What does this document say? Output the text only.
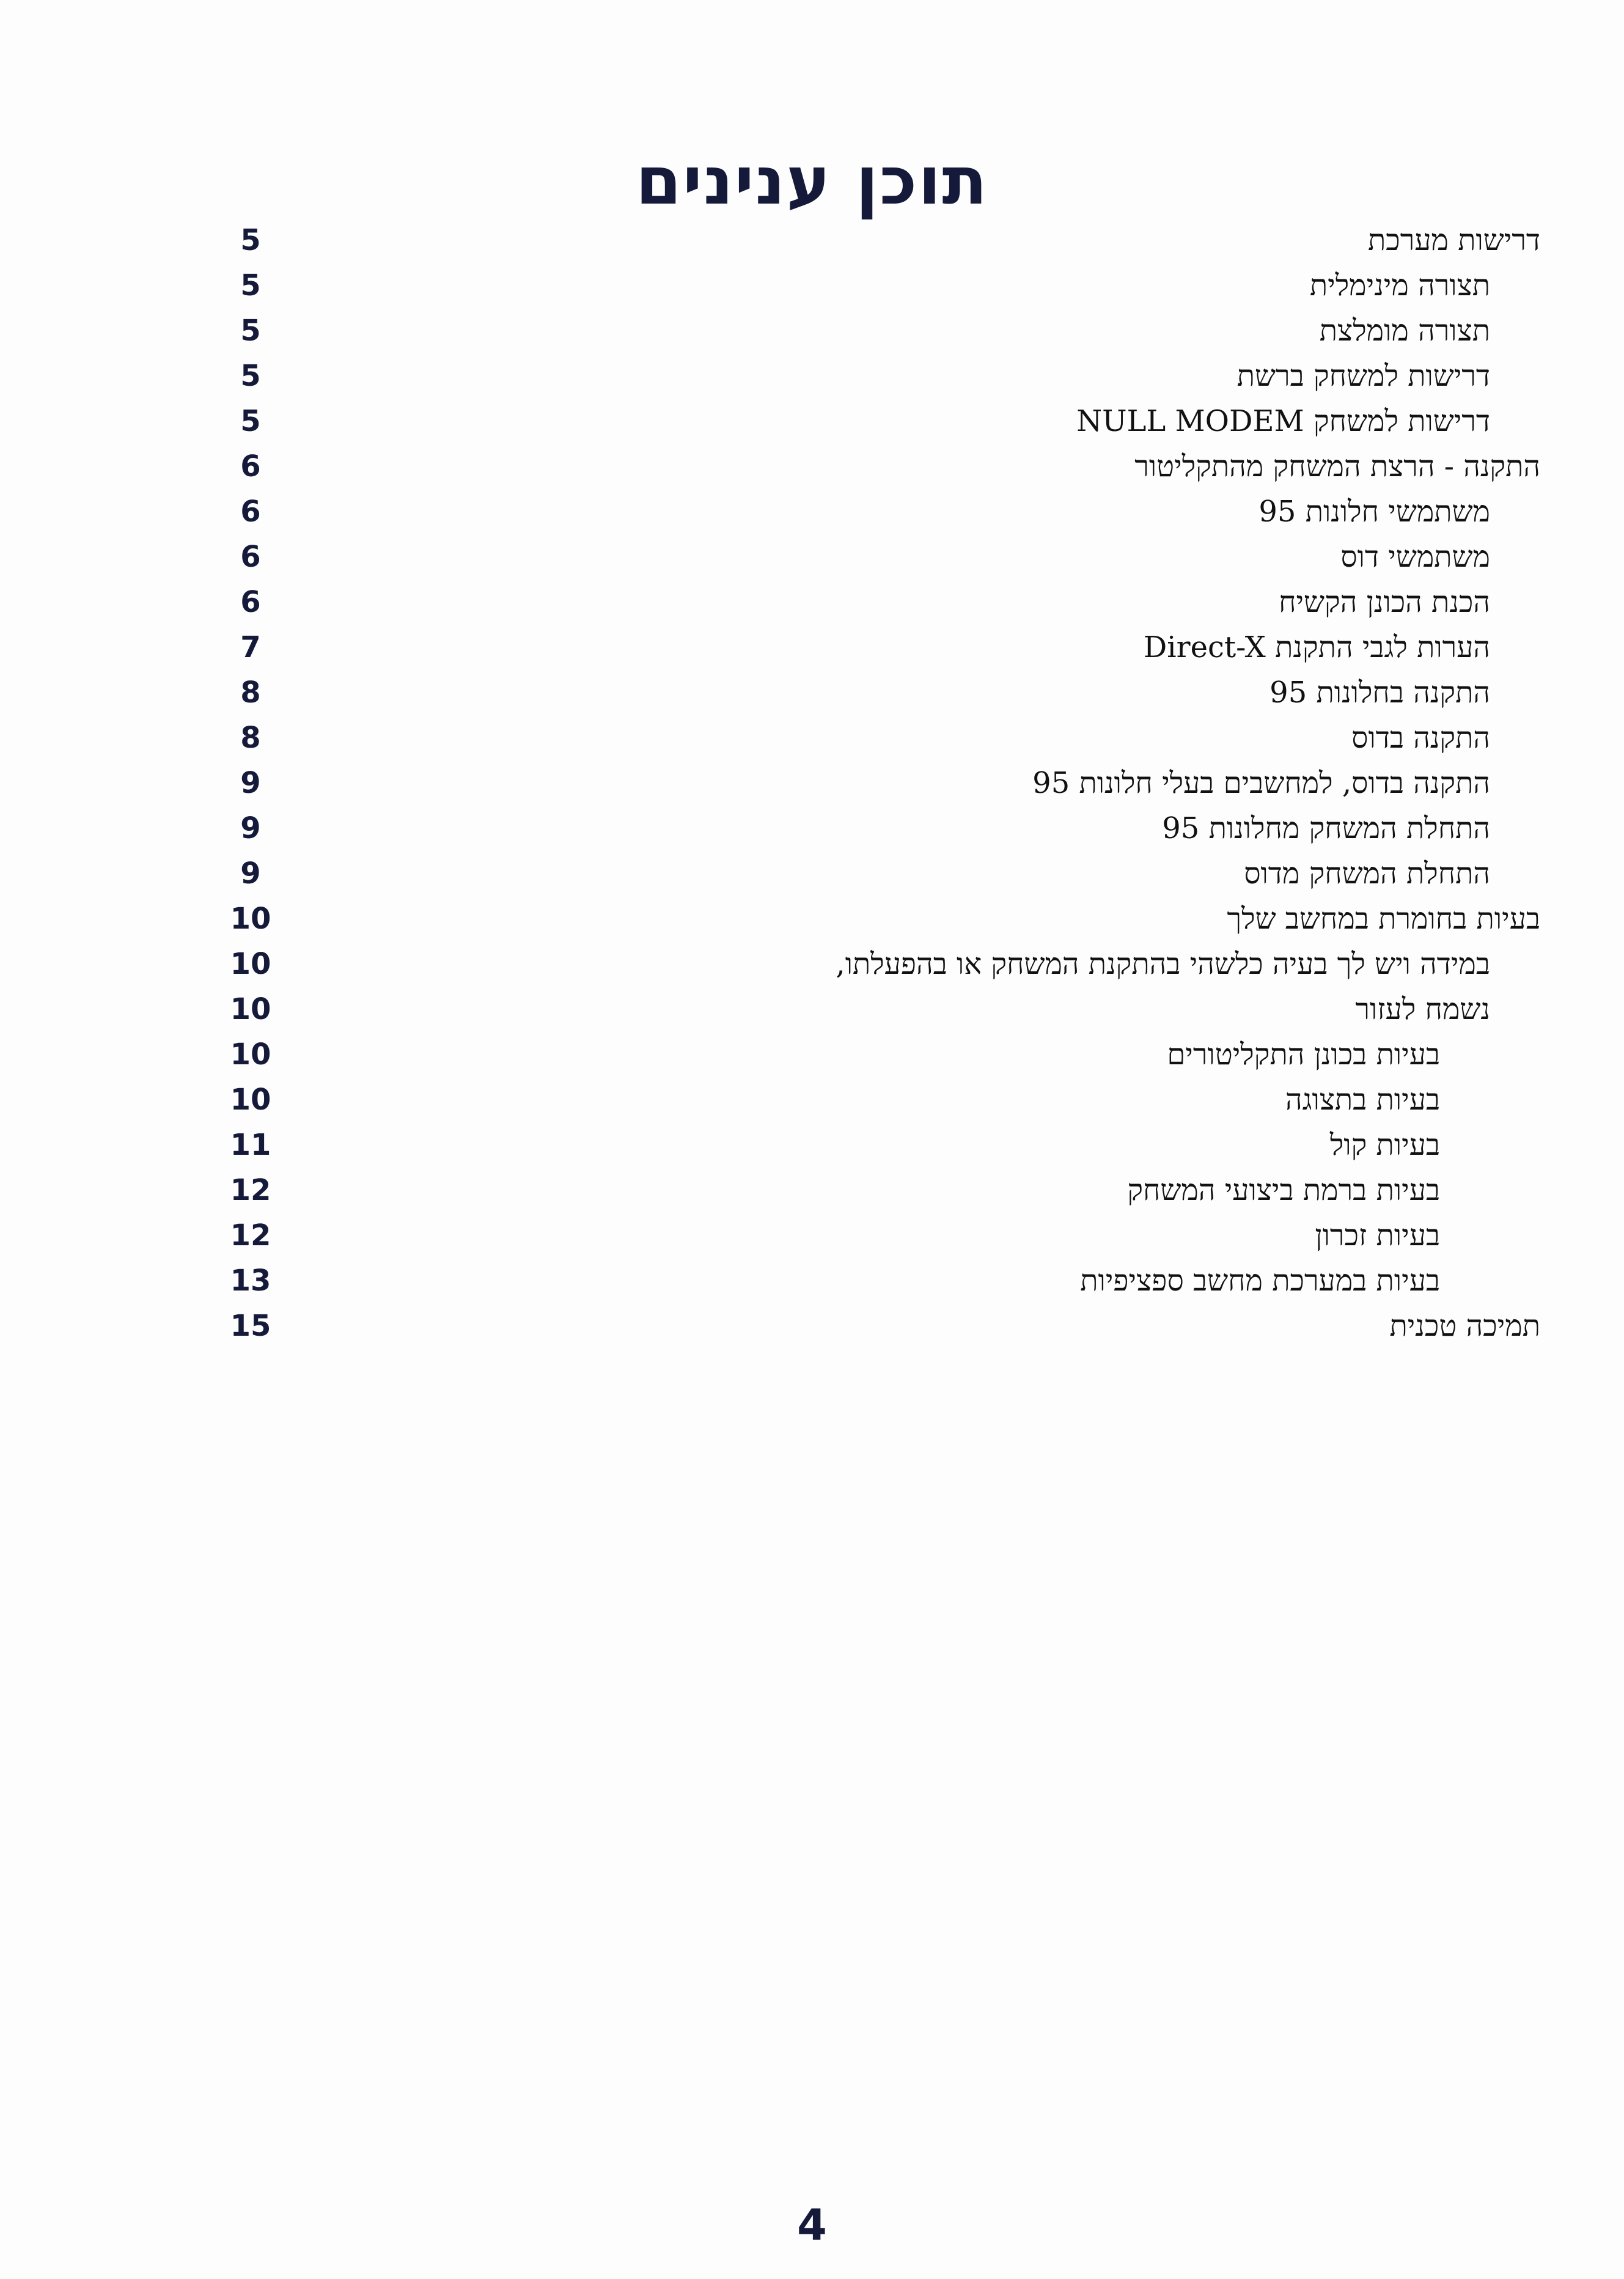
תוכן ענינים
דרישות מערכת
5
תצורה מינימלית
5
תצורה מומלצת
5
דרישות למשחק ברשת
5
דרישות למשחק NULL MODEM
5
התקנה - הרצת המשחק מהתקליטור
6
משתמשי חלונות 95
6
משתמשי דוס
6
הכנת הכונן הקשיח
6
הערות לגבי התקנת Direct-X
7
התקנה בחלונות 95
8
התקנה בדוס
8
התקנה בדוס, למחשבים בעלי חלונות 95
9
התחלת המשחק מחלונות 95
9
התחלת המשחק מדוס
9
בעיות בחומרת במחשב שלך
10
במידה ויש לך בעיה כלשהי בהתקנת המשחק או בהפעלתו,
10
נשמח לעזור
10
בעיות בכונן התקליטורים
10
בעיות בתצוגה
10
בעיות קול
11
בעיות ברמת ביצועי המשחק
12
בעיות זכרון
12
בעיות במערכת מחשב ספציפיות
13
תמיכה טכנית
15
4
